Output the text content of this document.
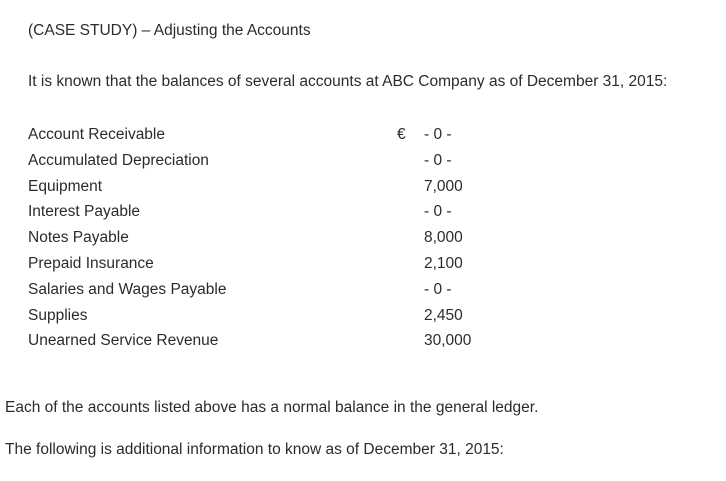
(CASE STUDY) – Adjusting the Accounts
It is known that the balances of several accounts at ABC Company as of December 31, 2015:
Account Receivable	€ - 0 -
Accumulated Depreciation	- 0 -
Equipment	7,000
Interest Payable	- 0 -
Notes Payable	8,000
Prepaid Insurance	2,100
Salaries and Wages Payable	- 0 -
Supplies	2,450
Unearned Service Revenue	30,000
Each of the accounts listed above has a normal balance in the general ledger.
The following is additional information to know as of December 31, 2015:
